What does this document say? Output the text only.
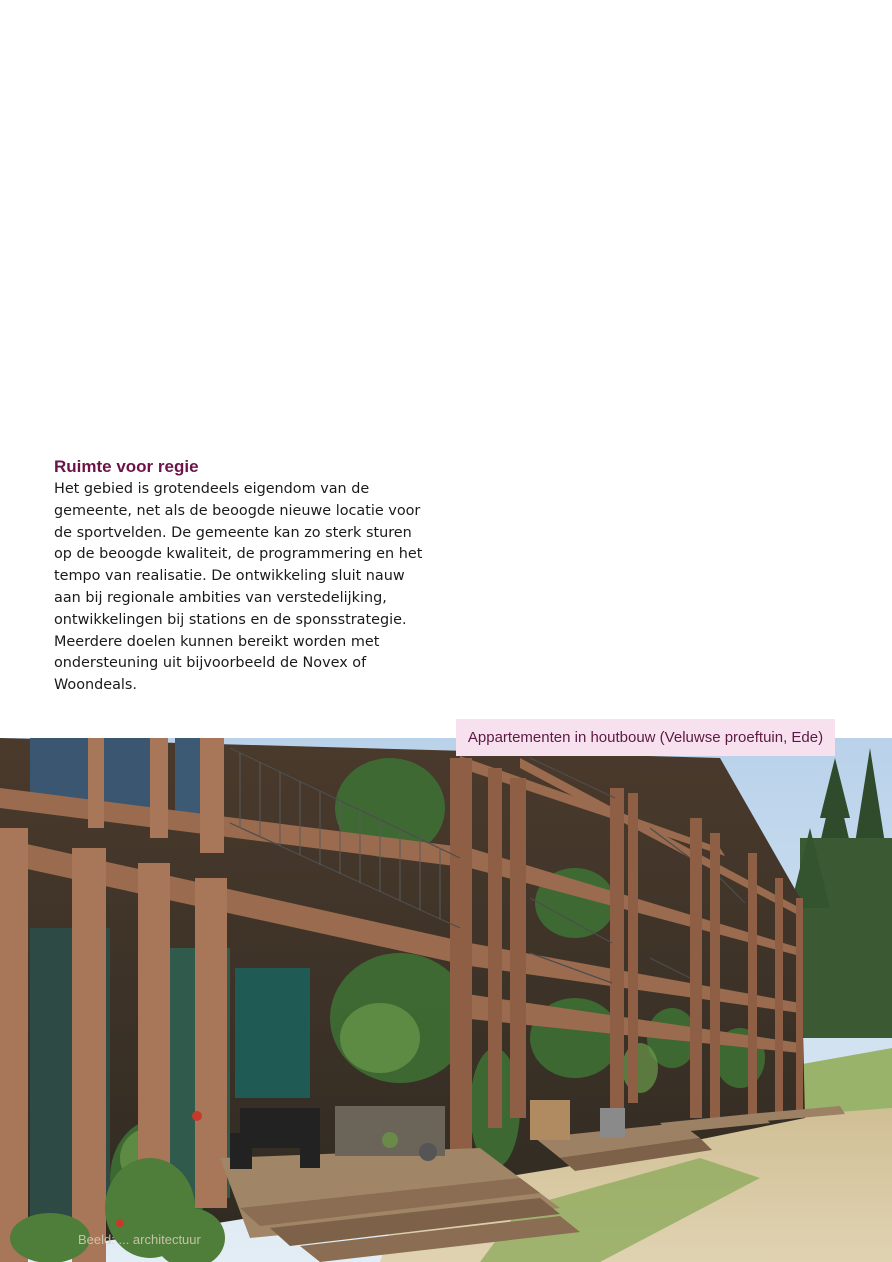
Ruimte voor regie

Het gebied is grotendeels eigendom van de
gemeente, net als de beoogde nieuwe locatie voor
de sportvelden. De gemeente kan zo sterk sturen
op de beoogde kwaliteit, de programmering en het
tempo van realisatie. De ontwikkeling sluit nauw
aan bij regionale ambities van verstedelijking,
ontwikkelingen bij stations en de sponsstrategie.
Meerdere doelen kunnen bereikt worden met
ondersteuning uit bijvoorbeeld de Novex of
Woondeals.

Appartementen in houtbouw (Veluwse proeftuin, Ede)
Beeld: ... architectuur
